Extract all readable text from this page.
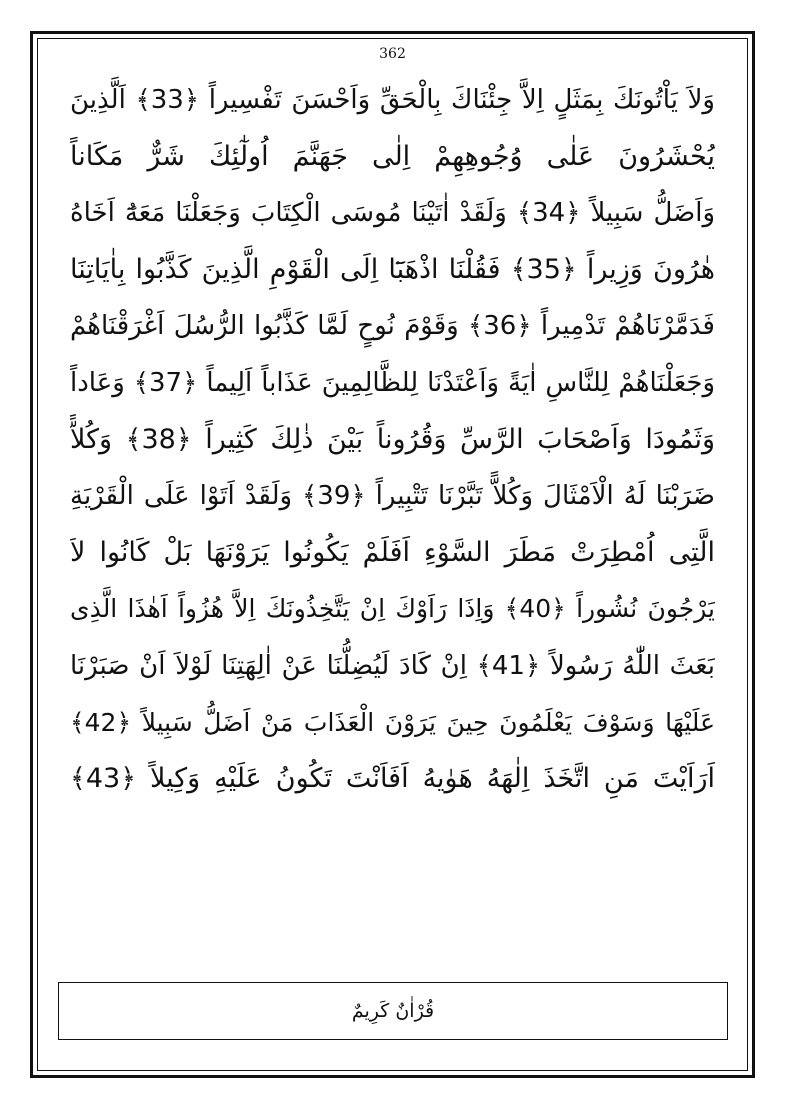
362
وَلاَ يَاْتُونَكَ بِمَثَلٍ اِلاَّ جِئْنَاكَ بِالْحَقِّ وَاَحْسَنَ تَفْسِيراً ﴿33﴾ اَلَّذِينَ
يُحْشَرُونَ عَلٰى وُجُوهِهِمْ اِلٰى جَهَنَّمَ اُولٰٓئِكَ شَرٌّ مَكَاناً
وَاَضَلُّ سَبِيلاً ﴿34﴾ وَلَقَدْ اٰتَيْنَا مُوسَى الْكِتَابَ وَجَعَلْنَا مَعَهُٓ اَخَاهُ
هٰرُونَ وَزِيراً ﴿35﴾ فَقُلْنَا اذْهَبَٓا اِلَى الْقَوْمِ الَّذِينَ كَذَّبُوا بِاٰيَاتِنَا
فَدَمَّرْنَاهُمْ تَدْمِيراً ﴿36﴾ وَقَوْمَ نُوحٍ لَمَّا كَذَّبُوا الرُّسُلَ اَغْرَقْنَاهُمْ
وَجَعَلْنَاهُمْ لِلنَّاسِ اٰيَةً وَاَعْتَدْنَا لِلظَّالِمِينَ عَذَاباً اَلِيماً ﴿37﴾ وَعَاداً
وَثَمُودَا وَاَصْحَابَ الرَّسِّ وَقُرُوناً بَيْنَ ذٰلِكَ كَثِيراً ﴿38﴾ وَكُلاًّ
ضَرَبْنَا لَهُ الْاَمْثَالَ وَكُلاًّ تَبَّرْنَا تَتْبِيراً ﴿39﴾ وَلَقَدْ اَتَوْا عَلَى الْقَرْيَةِ
الَّتِى اُمْطِرَتْ مَطَرَ السَّوْءِ اَفَلَمْ يَكُونُوا يَرَوْنَهَا بَلْ كَانُوا لاَ
يَرْجُونَ نُشُوراً ﴿40﴾ وَاِذَا رَاَوْكَ اِنْ يَتَّخِذُونَكَ اِلاَّ هُزُواً اَهٰذَا الَّذِى
بَعَثَ اللّٰهُ رَسُولاً ﴿41﴾ اِنْ كَادَ لَيُضِلُّنَا عَنْ اٰلِهَتِنَا لَوْلاَ اَنْ صَبَرْنَا
عَلَيْهَا وَسَوْفَ يَعْلَمُونَ حِينَ يَرَوْنَ الْعَذَابَ مَنْ اَضَلُّ سَبِيلاً ﴿42﴾
اَرَاَيْتَ مَنِ اتَّخَذَ اِلٰهَهُ هَوٰيهُ اَفَاَنْتَ تَكُونُ عَلَيْهِ وَكِيلاً ﴿43﴾
قُرْاٰنٌ كَرِيمٌ
